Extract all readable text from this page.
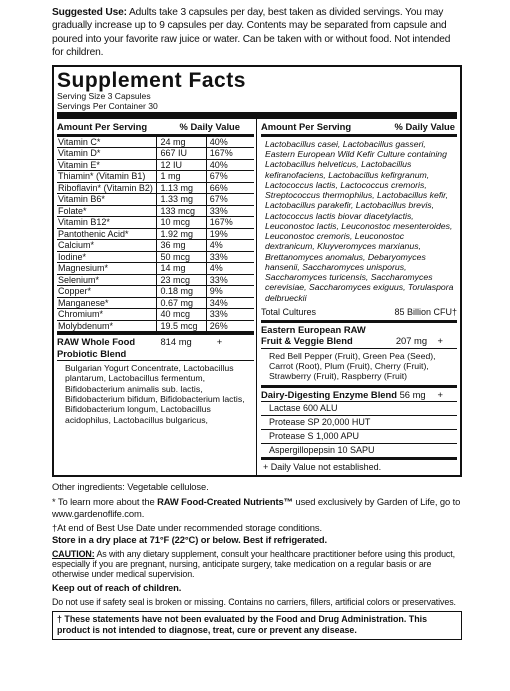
Suggested Use: Adults take 3 capsules per day, best taken as divided servings. You may gradually increase up to 9 capsules per day. Contents may be separated from capsule and poured into your favorite raw juice or water. Can be taken with or without food. Not intended for children.

Supplement Facts
Serving Size 3 Capsules
Servings Per Container 30
Amount Per Serving	% Daily Value
Vitamin C*	24 mg	40%
Vitamin D*	667 IU	167%
Vitamin E*	12 IU	40%
Thiamin* (Vitamin B1)	1 mg	67%
Riboflavin* (Vitamin B2) 1.13 mg	66%
Vitamin B6*	1.33 mg	67%
Folate*	133 mcg	33%
Vitamin B12*	10 mcg	167%
Pantothenic Acid*	1.92 mg	19%
Calcium*	36 mg	4%
Iodine*	50 mcg	33%
Magnesium*	14 mg	4%
Selenium*	23 mcg	33%
Copper*	0.18 mg	9%
Manganese*	0.67 mg	34%
Chromium*	40 mcg	33%
Molybdenum*	19.5 mcg	26%
RAW Whole Food Probiotic Blend
814 mg	+
Bulgarian Yogurt Concentrate, Lactobacillus plantarum, Lactobacillus fermentum, Bifidobacterium animalis sub. lactis, Bifidobacterium bifidum, Bifidobacterium lactis, Bifidobacterium longum, Lactobacillus acidophilus, Lactobacillus bulgaricus,
Amount Per Serving	% Daily Value
Lactobacillus casei, Lactobacillus gasseri, Eastern European Wild Kefir Culture containing Lactobacillus helveticus, Lactobacillus kefiranofaciens, Lactobacillus kefirgranum, Lactococcus lactis, Lactococcus cremoris, Streptococcus thermophilus, Lactobacillus kefir, Lactobacillus parakefir, Lactobacillus brevis, Lactococcus lactis biovar diacetylactis, Leuconostoc lactis, Leuconostoc mesenteroides, Leuconostoc cremoris, Leuconostoc dextranicum, Kluyveromyces marxianus, Brettanomyces anomalus, Debaryomyces hansenii, Saccharomyces unisporus, Saccharomyces turicensis, Saccharomyces cerevisiae, Saccharomyces exiguus, Torulaspora delbrueckii
Total Cultures	85 Billion CFU†
Eastern European RAW Fruit & Veggie Blend	207 mg +
Red Bell Pepper (Fruit), Green Pea (Seed), Carrot (Root), Plum (Fruit), Cherry (Fruit), Strawberry (Fruit), Raspberry (Fruit)
Dairy-Digesting Enzyme Blend 56 mg +
Lactase 600 ALU
Protease SP 20,000 HUT
Protease S 1,000 APU
Aspergillopepsin 10 SAPU
+ Daily Value not established.

Other ingredients: Vegetable cellulose.

* To learn more about the RAW Food-Created Nutrients™ used exclusively by Garden of Life, go to www.gardenoflife.com.

†At end of Best Use Date under recommended storage conditions.

Store in a dry place at 71°F (22°C) or below. Best if refrigerated.

CAUTION: As with any dietary supplement, consult your healthcare practitioner before using this product, especially if you are pregnant, nursing, anticipate surgery, take medication on a regular basis or are otherwise under medical supervision.

Keep out of reach of children.

Do not use if safety seal is broken or missing. Contains no carriers, fillers, artificial colors or preservatives.

† These statements have not been evaluated by the Food and Drug Administration. This product is not intended to diagnose, treat, cure or prevent any disease.
